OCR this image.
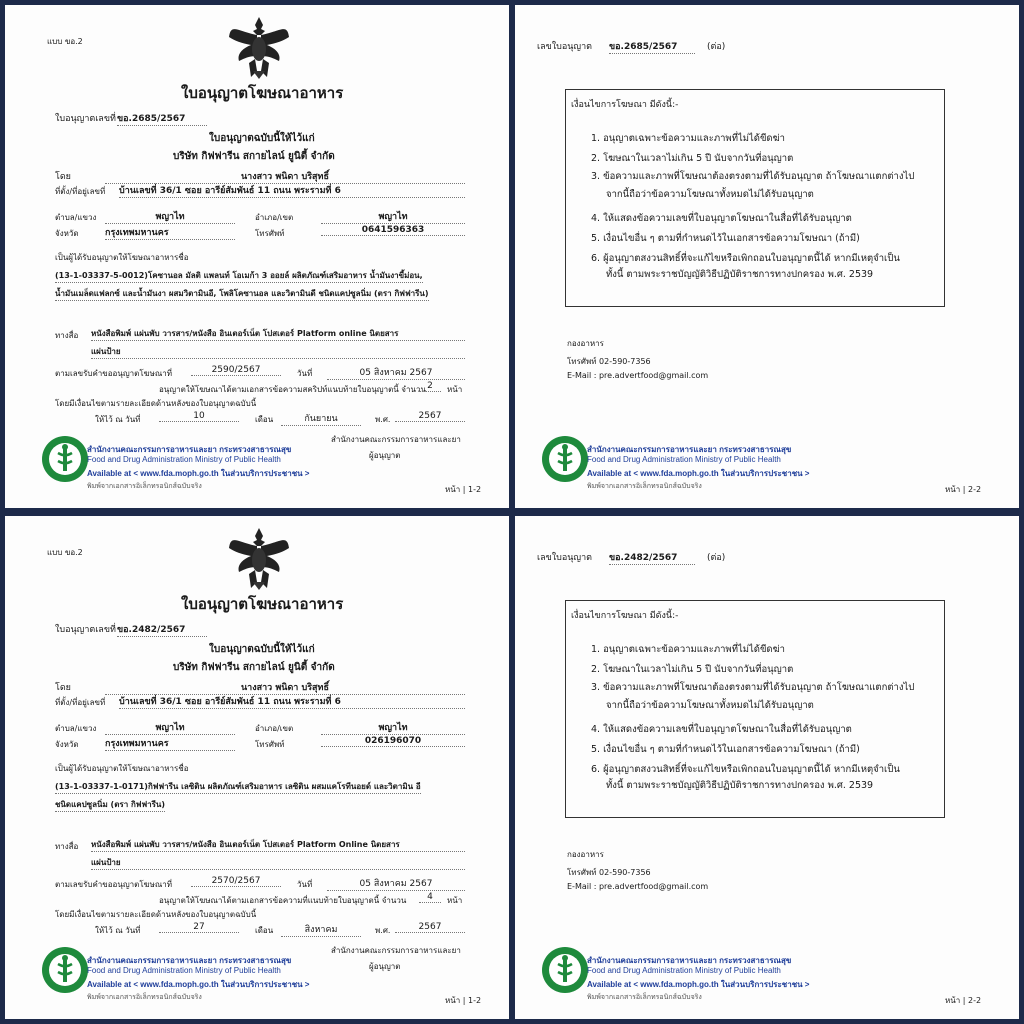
แบบ ขอ.2
ใบอนุญาตโฆษณาอาหาร
ใบอนุญาตเลขที่ ขอ.2685/2567
ใบอนุญาตฉบับนี้ให้ไว้แก่
บริษัท กิฟฟารีน สกายไลน์ ยูนิตี้ จำกัด
โดย	นางสาว พนิดา บริสุทธิ์
ที่ตั้ง/ที่อยู่เลขที่ บ้านเลขที่ 36/1 ซอย อารีย์สัมพันธ์ 11 ถนน พระรามที่ 6
ตำบล/แขวง	พญาไท	อำเภอ/เขต	พญาไท
จังหวัด	กรุงเทพมหานคร	โทรศัพท์	0641596363
เป็นผู้ได้รับอนุญาตให้โฆษณาอาหารชื่อ
(13-1-03337-5-0012)โคซานอล มัลติ แพลนท์ โอเมก้า 3 ออยล์ ผลิตภัณฑ์เสริมอาหาร น้ำมันงาขี้ม่อน,
น้ำมันเมล็ดแฟลกซ์ และน้ำมันงา ผสมวิตามินอี, โพลิโคซานอล และวิตามินดี ชนิดแคปซูลนิ่ม (ตรา กิฟฟารีน)
ทางสื่อ หนังสือพิมพ์ แผ่นพับ วารสาร/หนังสือ อินเตอร์เน็ต โปสเตอร์ Platform online นิตยสาร
แผ่นป้าย
ตามเลขรับคำขออนุญาตโฆษณาที่	2590/2567	วันที่	05 สิงหาคม 2567
อนุญาตให้โฆษณาได้ตามเอกสารข้อความสคริปท์แนบท้ายใบอนุญาตนี้ จำนวน 2	หน้า
โดยมีเงื่อนไขตามรายละเอียดด้านหลังของใบอนุญาตฉบับนี้
ให้ไว้ ณ วันที่	10	เดือน	กันยายน	พ.ศ.	2567
สำนักงานคณะกรรมการอาหารและยา
ผู้อนุญาต
หน้า | 1-2
สำนักงานคณะกรรมการอาหารและยา กระทรวงสาธารณสุข
Food and Drug Administration Ministry of Public Health
Available at < www.fda.moph.go.th ในส่วนบริการประชาชน >
พิมพ์จากเอกสารอิเล็กทรอนิกส์ฉบับจริง
เลขใบอนุญาต ขอ.2685/2567	(ต่อ)
กองอาหาร
โทรศัพท์ 02-590-7356
E-Mail : pre.advertfood@gmail.com
หน้า | 2-2
เงื่อนไขการโฆษณา มีดังนี้:-
1. อนุญาตเฉพาะข้อความและภาพที่ไม่ได้ขีดฆ่า
2. โฆษณาในเวลาไม่เกิน 5 ปี นับจากวันที่อนุญาต
3. ข้อความและภาพที่โฆษณาต้องตรงตามที่ได้รับอนุญาต ถ้าโฆษณาแตกต่างไป
จากนี้ถือว่าข้อความโฆษณาทั้งหมดไม่ได้รับอนุญาต
4. ให้แสดงข้อความเลขที่ใบอนุญาตโฆษณาในสื่อที่ได้รับอนุญาต
5. เงื่อนไขอื่น ๆ ตามที่กำหนดไว้ในเอกสารข้อความโฆษณา (ถ้ามี)
6. ผู้อนุญาตสงวนสิทธิ์ที่จะแก้ไขหรือเพิกถอนใบอนุญาตนี้ได้ หากมีเหตุจำเป็น
ทั้งนี้ ตามพระราชบัญญัติวิธีปฏิบัติราชการทางปกครอง พ.ศ. 2539
สำนักงานคณะกรรมการอาหารและยา กระทรวงสาธารณสุข
Food and Drug Administration Ministry of Public Health
Available at < www.fda.moph.go.th ในส่วนบริการประชาชน >
พิมพ์จากเอกสารอิเล็กทรอนิกส์ฉบับจริง
แบบ ขอ.2
ใบอนุญาตโฆษณาอาหาร
ใบอนุญาตเลขที่ ขอ.2482/2567
ใบอนุญาตฉบับนี้ให้ไว้แก่
บริษัท กิฟฟารีน สกายไลน์ ยูนิตี้ จำกัด
โดย	นางสาว พนิดา บริสุทธิ์
ที่ตั้ง/ที่อยู่เลขที่ บ้านเลขที่ 36/1 ซอย อารีย์สัมพันธ์ 11 ถนน พระรามที่ 6
ตำบล/แขวง	พญาไท	อำเภอ/เขต	พญาไท
จังหวัด	กรุงเทพมหานคร	โทรศัพท์	026196070
เป็นผู้ได้รับอนุญาตให้โฆษณาอาหารชื่อ
(13-1-03337-1-0171)กิฟฟารีน เลซิติน ผลิตภัณฑ์เสริมอาหาร เลซิติน ผสมแคโรทีนอยด์ และวิตามิน อี
ชนิดแคปซูลนิ่ม (ตรา กิฟฟารีน)
ทางสื่อ หนังสือพิมพ์ แผ่นพับ วารสาร/หนังสือ อินเตอร์เน็ต โปสเตอร์ Platform Online นิตยสาร
แผ่นป้าย
ตามเลขรับคำขออนุญาตโฆษณาที่	2570/2567	วันที่	05 สิงหาคม 2567
อนุญาตให้โฆษณาได้ตามเอกสารข้อความที่แนบท้ายใบอนุญาตนี้ จำนวน	4	หน้า
โดยมีเงื่อนไขตามรายละเอียดด้านหลังของใบอนุญาตฉบับนี้
ให้ไว้ ณ วันที่	27	เดือน	สิงหาคม	พ.ศ.	2567
สำนักงานคณะกรรมการอาหารและยา
ผู้อนุญาต
หน้า | 1-2
สำนักงานคณะกรรมการอาหารและยา กระทรวงสาธารณสุข
Food and Drug Administration Ministry of Public Health
Available at < www.fda.moph.go.th ในส่วนบริการประชาชน >
พิมพ์จากเอกสารอิเล็กทรอนิกส์ฉบับจริง
เลขใบอนุญาต ขอ.2482/2567	(ต่อ)
กองอาหาร
โทรศัพท์ 02-590-7356
E-Mail : pre.advertfood@gmail.com
หน้า | 2-2
เงื่อนไขการโฆษณา มีดังนี้:-
1. อนุญาตเฉพาะข้อความและภาพที่ไม่ได้ขีดฆ่า
2. โฆษณาในเวลาไม่เกิน 5 ปี นับจากวันที่อนุญาต
3. ข้อความและภาพที่โฆษณาต้องตรงตามที่ได้รับอนุญาต ถ้าโฆษณาแตกต่างไป
จากนี้ถือว่าข้อความโฆษณาทั้งหมดไม่ได้รับอนุญาต
4. ให้แสดงข้อความเลขที่ใบอนุญาตโฆษณาในสื่อที่ได้รับอนุญาต
5. เงื่อนไขอื่น ๆ ตามที่กำหนดไว้ในเอกสารข้อความโฆษณา (ถ้ามี)
6. ผู้อนุญาตสงวนสิทธิ์ที่จะแก้ไขหรือเพิกถอนใบอนุญาตนี้ได้ หากมีเหตุจำเป็น
ทั้งนี้ ตามพระราชบัญญัติวิธีปฏิบัติราชการทางปกครอง พ.ศ. 2539
สำนักงานคณะกรรมการอาหารและยา กระทรวงสาธารณสุข
Food and Drug Administration Ministry of Public Health
Available at < www.fda.moph.go.th ในส่วนบริการประชาชน >
พิมพ์จากเอกสารอิเล็กทรอนิกส์ฉบับจริง
